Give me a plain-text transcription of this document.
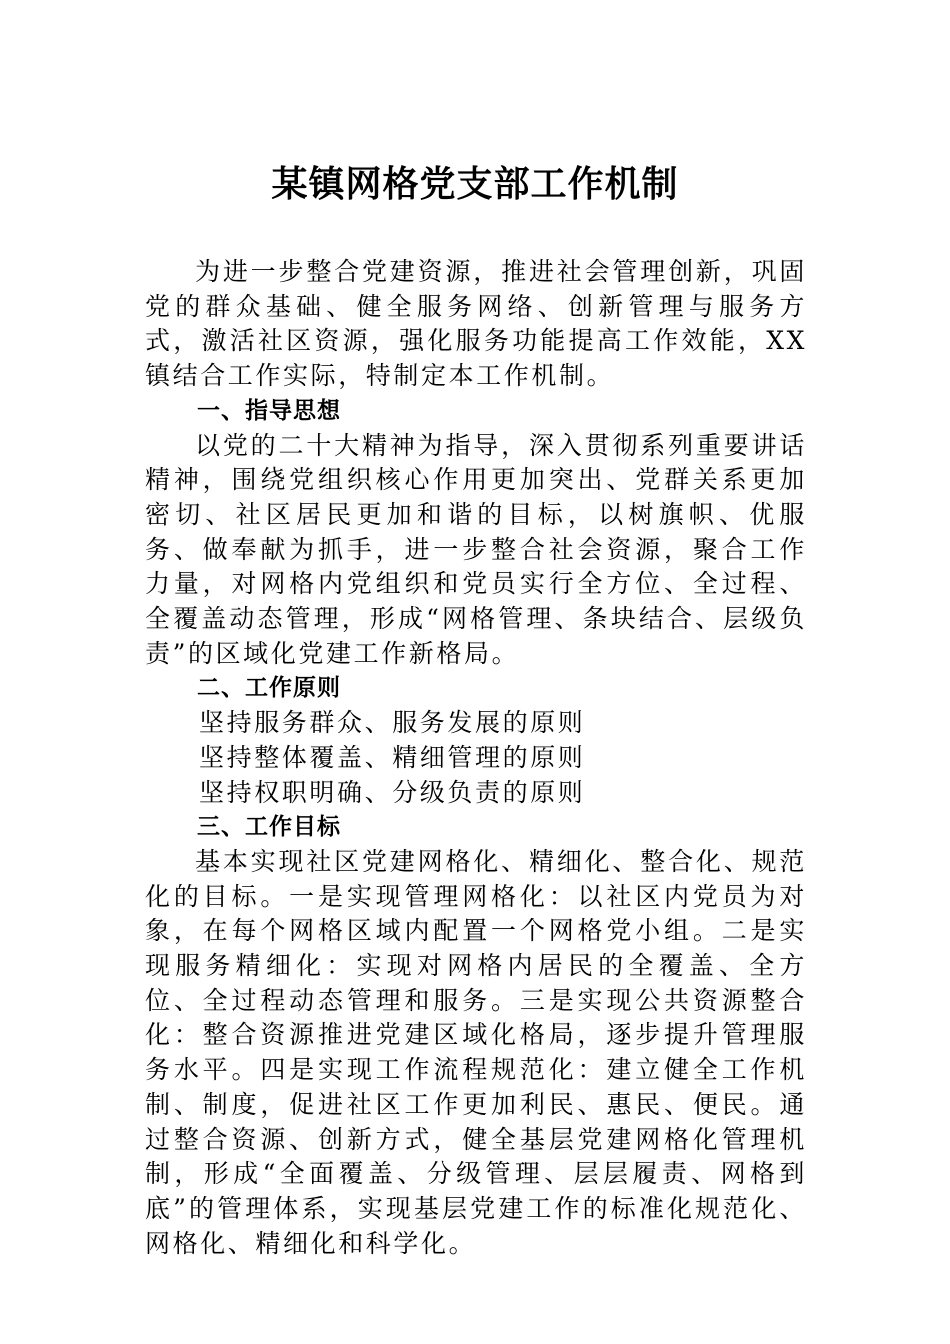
某镇网格党支部工作机制

为进一步整合党建资源，推进社会管理创新，巩固党的群众基础、健全服务网络、创新管理与服务方式，激活社区资源，强化服务功能提高工作效能，XX镇结合工作实际，特制定本工作机制。

一、指导思想

以党的二十大精神为指导，深入贯彻系列重要讲话精神，围绕党组织核心作用更加突出、党群关系更加密切、社区居民更加和谐的目标，以树旗帜、优服务、做奉献为抓手，进一步整合社会资源，聚合工作力量，对网格内党组织和党员实行全方位、全过程、全覆盖动态管理，形成“网格管理、条块结合、层级负责”的区域化党建工作新格局。

二、工作原则

坚持服务群众、服务发展的原则

坚持整体覆盖、精细管理的原则

坚持权职明确、分级负责的原则

三、工作目标

基本实现社区党建网格化、精细化、整合化、规范化的目标。一是实现管理网格化：以社区内党员为对象，在每个网格区域内配置一个网格党小组。二是实现服务精细化：实现对网格内居民的全覆盖、全方位、全过程动态管理和服务。三是实现公共资源整合化：整合资源推进党建区域化格局，逐步提升管理服务水平。四是实现工作流程规范化：建立健全工作机制、制度，促进社区工作更加利民、惠民、便民。通过整合资源、创新方式，健全基层党建网格化管理机制，形成“全面覆盖、分级管理、层层履责、网格到底”的管理体系，实现基层党建工作的标准化规范化、网格化、精细化和科学化。
